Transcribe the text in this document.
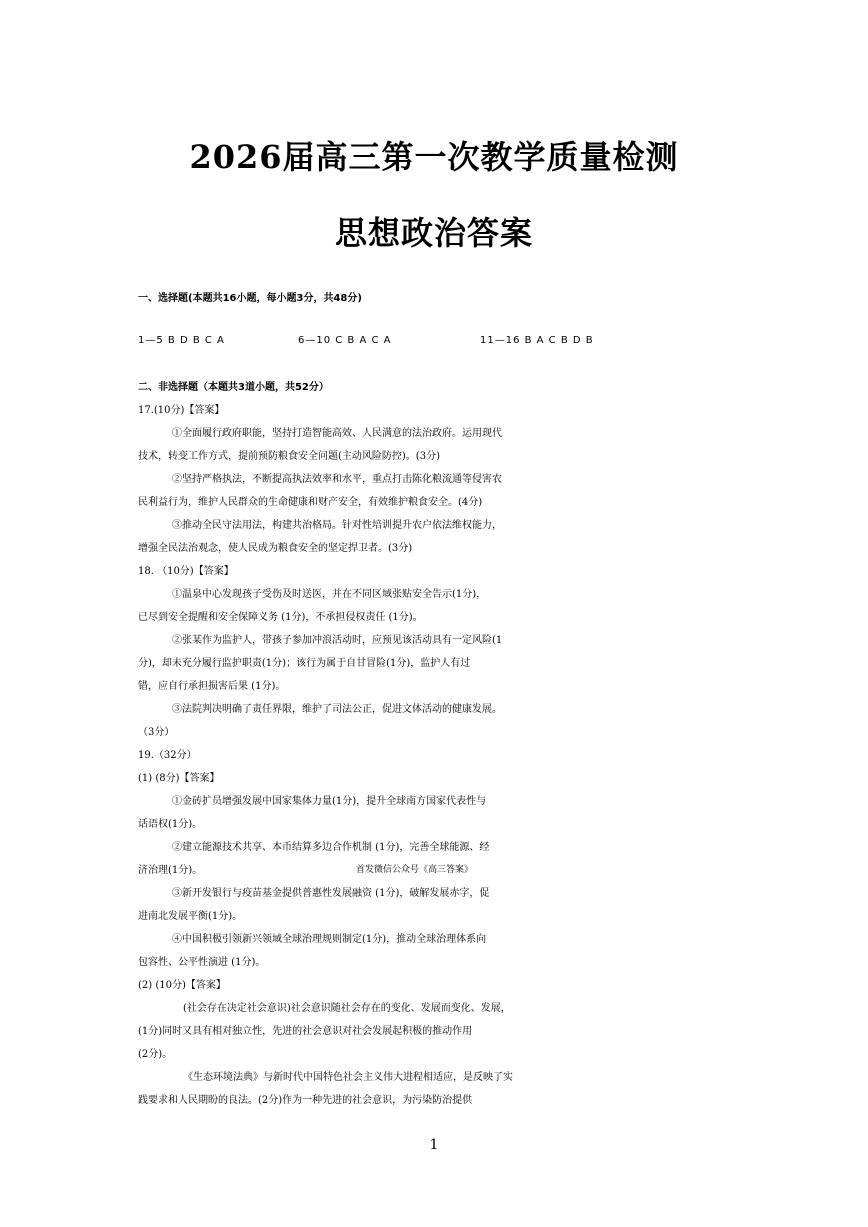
2026届高三第一次教学质量检测
思想政治答案
一、选择题(本题共16小题，每小题3分，共48分)
1—5 B D B C A	6—10 C B A C A	11—16 B A C B D B
二、非选择题（本题共3道小题，共52分）
17.(10分)【答案】
①全面履行政府职能，坚持打造智能高效、人民满意的法治政府。运用现代
技术，转变工作方式，提前预防粮食安全问题(主动风险防控)。(3分)
②坚持严格执法，不断提高执法效率和水平，重点打击陈化粮流通等侵害农
民利益行为，维护人民群众的生命健康和财产安全，有效维护粮食安全。(4分)
③推动全民守法用法，构建共治格局。针对性培训提升农户依法维权能力，
增强全民法治观念，使人民成为粮食安全的坚定捍卫者。(3分)
18. （10分)【答案】
①温泉中心发现孩子受伤及时送医，并在不同区域张贴安全告示(1分)，
已尽到安全提醒和安全保障义务 (1分)，不承担侵权责任 (1分)。
②张某作为监护人，带孩子参加冲浪活动时，应预见该活动具有一定风险(1
分)，却未充分履行监护职责(1分)；该行为属于自甘冒险(1分)，监护人有过
错，应自行承担损害后果 (1分)。
③法院判决明确了责任界限，维护了司法公正，促进文体活动的健康发展。
（3分）
19.（32分）
(1) (8分)【答案】
①金砖扩员增强发展中国家集体力量(1分)，提升全球南方国家代表性与
话语权(1分)。
②建立能源技术共享、本币结算多边合作机制 (1分)，完善全球能源、经
济治理(1分)。	首发微信公众号《高三答案》
③新开发银行与疫苗基金提供普惠性发展融资 (1分)，破解发展赤字，促
进南北发展平衡(1分)。
④中国积极引领新兴领域全球治理规则制定(1分)，推动全球治理体系向
包容性、公平性演进 (1分)。
(2) (10分)【答案】
(社会存在决定社会意识)社会意识随社会存在的变化、发展而变化、发展，
(1分)同时又具有相对独立性，先进的社会意识对社会发展起积极的推动作用
(2分)。
《生态环境法典》与新时代中国特色社会主义伟大进程相适应，是反映了实
践要求和人民期盼的良法。(2分)作为一种先进的社会意识，为污染防治提供
1
